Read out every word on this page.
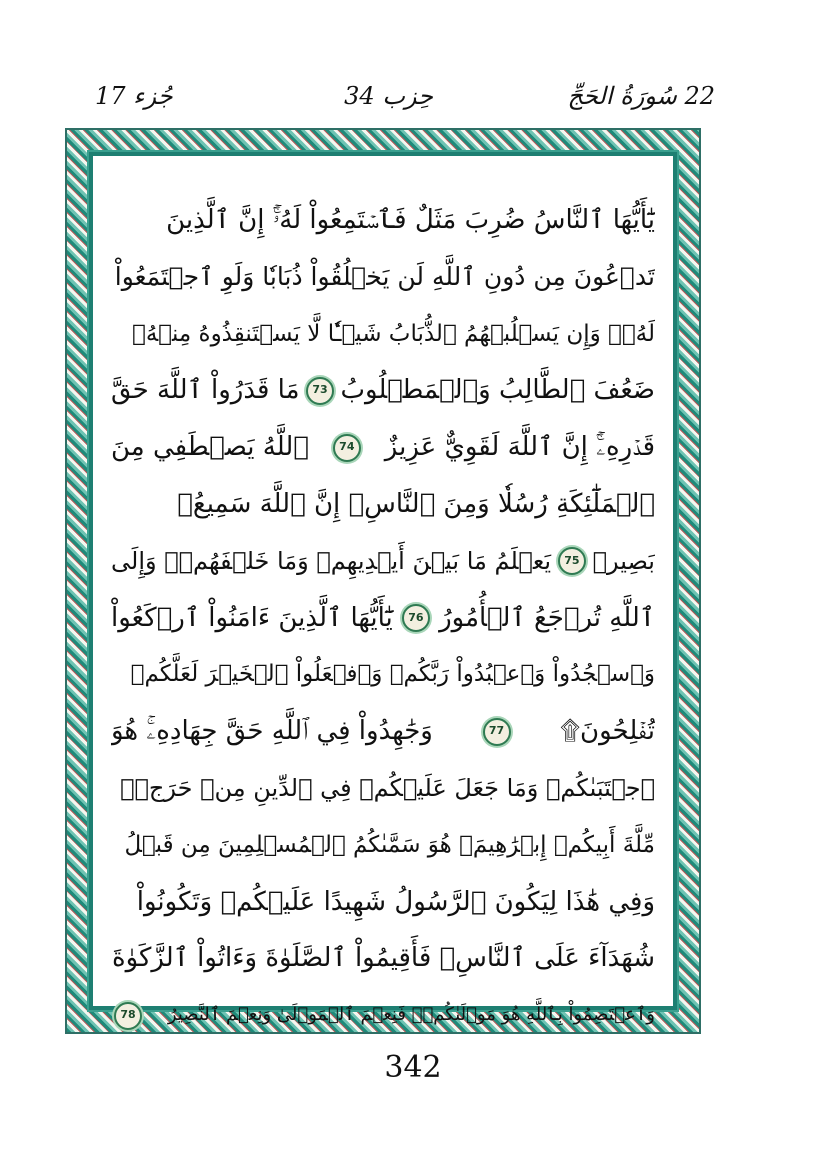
22 سُورَةُ الحَجِّ
حِزب 34
جُزء 17
يَٰٓأَيُّهَا ٱلنَّاسُ ضُرِبَ مَثَلٌ فَٱسۡتَمِعُواْ لَهُۥٓۚ إِنَّ ٱلَّذِينَ
تَدۡعُونَ مِن دُونِ ٱللَّهِ لَن يَخۡلُقُواْ ذُبَابٗا وَلَوِ ٱجۡتَمَعُواْ
لَهُۥۖ وَإِن يَسۡلُبۡهُمُ ٱلذُّبَابُ شَيۡـٔٗا لَّا يَسۡتَنقِذُوهُ مِنۡهُۚ
ضَعُفَ ٱلطَّالِبُ وَٱلۡمَطۡلُوبُ
73
مَا قَدَرُواْ ٱللَّهَ حَقَّ
قَدۡرِهِۦٓۚ إِنَّ ٱللَّهَ لَقَوِيٌّ عَزِيزٌ
74
ٱللَّهُ يَصۡطَفِي مِنَ
ٱلۡمَلَٰٓئِكَةِ رُسُلٗا وَمِنَ ٱلنَّاسِۚ إِنَّ ٱللَّهَ سَمِيعُۢ
بَصِيرٞ
75
يَعۡلَمُ مَا بَيۡنَ أَيۡدِيهِمۡ وَمَا خَلۡفَهُمۡۚ وَإِلَى
ٱللَّهِ تُرۡجَعُ ٱلۡأُمُورُ
76
يَٰٓأَيُّهَا ٱلَّذِينَ ءَامَنُواْ ٱرۡكَعُواْ
وَٱسۡجُدُواْ وَٱعۡبُدُواْ رَبَّكُمۡ وَٱفۡعَلُواْ ٱلۡخَيۡرَ لَعَلَّكُمۡ
تُفۡلِحُونَ۩
77
وَجَٰهِدُواْ فِي ٱللَّهِ حَقَّ جِهَادِهِۦۚ هُوَ
ٱجۡتَبَىٰكُمۡ وَمَا جَعَلَ عَلَيۡكُمۡ فِي ٱلدِّينِ مِنۡ حَرَجٖۚ
مِّلَّةَ أَبِيكُمۡ إِبۡرَٰهِيمَۚ هُوَ سَمَّىٰكُمُ ٱلۡمُسۡلِمِينَ مِن قَبۡلُ
وَفِي هَٰذَا لِيَكُونَ ٱلرَّسُولُ شَهِيدًا عَلَيۡكُمۡ وَتَكُونُواْ
شُهَدَآءَ عَلَى ٱلنَّاسِۚ فَأَقِيمُواْ ٱلصَّلَوٰةَ وَءَاتُواْ ٱلزَّكَوٰةَ
وَٱعۡتَصِمُواْ بِٱللَّهِ هُوَ مَوۡلَىٰكُمۡۖ فَنِعۡمَ ٱلۡمَوۡلَىٰ وَنِعۡمَ ٱلنَّصِيرُ
78
342
